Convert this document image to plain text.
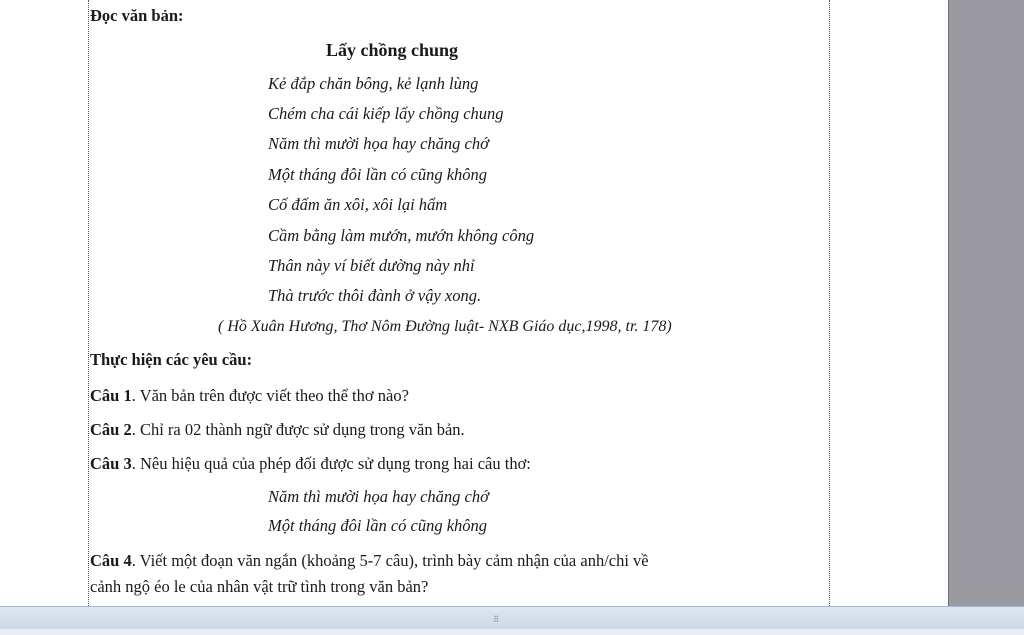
Đọc văn bản:
Lấy chồng chung
Kẻ đắp chăn bông, kẻ lạnh lùng
Chém cha cái kiếp lấy chồng chung
Năm thì mười họa hay chăng chớ
Một tháng đôi lần có cũng không
Cố đấm ăn xôi, xôi lại hẩm
Cầm bằng làm mướn, mướn không công
Thân này ví biết dường này nhỉ
Thà trước thôi đành ở vậy xong.
( Hồ Xuân Hương, Thơ Nôm Đường luật- NXB Giáo dục,1998, tr. 178)
Thực hiện các yêu cầu:
Câu 1. Văn bản trên được viết theo thể thơ nào?
Câu 2. Chỉ ra 02 thành ngữ được sử dụng trong văn bản.
Câu 3. Nêu hiệu quả của phép đối được sử dụng trong hai câu thơ:
Năm thì mười họa hay chăng chớ
Một tháng đôi lần có cũng không
Câu 4. Viết một đoạn văn ngắn (khoảng 5-7 câu), trình bày cảm nhận của anh/chi về
cảnh ngộ éo le của nhân vật trữ tình trong văn bản?
⠿
